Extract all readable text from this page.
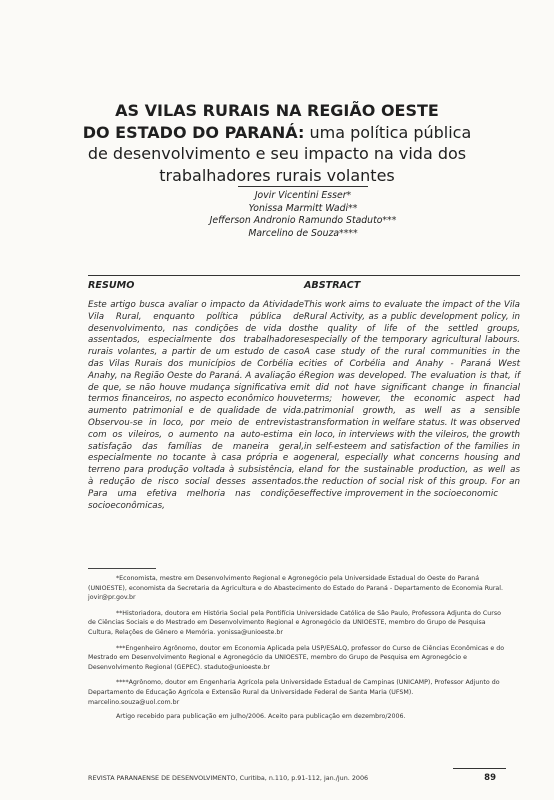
AS VILAS RURAIS NA REGIÃO OESTE
DO ESTADO DO PARANÁ: uma política pública
de desenvolvimento e seu impacto na vida dos
trabalhadores rurais volantes
Jovir Vicentini Esser*
Yonissa Marmitt Wadi**
Jefferson Andronio Ramundo Staduto***
Marcelino de Souza****

RESUMO

Este artigo busca avaliar o impacto da Atividade Vila Rural, enquanto política pública de desenvolvimento, nas condições de vida dos assentados, especialmente dos trabalhadores rurais volantes, a partir de um estudo de caso das Vilas Rurais dos municípios de Corbélia e Anahy, na Região Oeste do Paraná. A avaliação é de que, se não houve mudança significativa em termos financeiros, no aspecto econômico houve aumento patrimonial e de qualidade de vida. Observou-se in loco, por meio de entrevistas com os vileiros, o aumento na auto-estima e satisfação das famílias de maneira geral, especialmente no tocante à casa própria e ao terreno para produção voltada à subsistência, e à redução de risco social desses assentados. Para uma efetiva melhoria nas condições socioeconômicas,

ABSTRACT

This work aims to evaluate the impact of the Vila Rural Activity, as a public development policy, in the quality of life of the settled groups, especially of the temporary agricultural labours. A case study of the rural communities in the cities of Corbélia and Anahy - Paraná West Region was developed. The evaluation is that, if it did not have significant change in financial terms; however, the economic aspect had patrimonial growth, as well as a sensible transformation in welfare status. It was observed in loco, in interviews with the vileiros, the growth in self-esteem and satisfaction of the families in general, especially what concerns housing and land for the sustainable production, as well as the reduction of social risk of this group. For an effective improvement in the socioeconomic

*Economista, mestre em Desenvolvimento Regional e Agronegócio pela Universidade Estadual do Oeste do Paraná (UNIOESTE), economista da Secretaria da Agricultura e do Abastecimento do Estado do Paraná - Departamento de Economia Rural. jovir@pr.gov.br

**Historiadora, doutora em História Social pela Pontifícia Universidade Católica de São Paulo, Professora Adjunta do Curso de Ciências Sociais e do Mestrado em Desenvolvimento Regional e Agronegócio da UNIOESTE, membro do Grupo de Pesquisa Cultura, Relações de Gênero e Memória. yonissa@unioeste.br

***Engenheiro Agrônomo, doutor em Economia Aplicada pela USP/ESALQ, professor do Curso de Ciências Econômicas e do Mestrado em Desenvolvimento Regional e Agronegócio da UNIOESTE, membro do Grupo de Pesquisa em Agronegócio e Desenvolvimento Regional (GEPEC). staduto@unioeste.br

****Agrônomo, doutor em Engenharia Agrícola pela Universidade Estadual de Campinas (UNICAMP), Professor Adjunto do Departamento de Educação Agrícola e Extensão Rural da Universidade Federal de Santa Maria (UFSM). marcelino.souza@uol.com.br

Artigo recebido para publicação em julho/2006. Aceito para publicação em dezembro/2006.

REVISTA PARANAENSE DE DESENVOLVIMENTO, Curitiba, n.110, p.91-112, jan./jun. 2006	89
